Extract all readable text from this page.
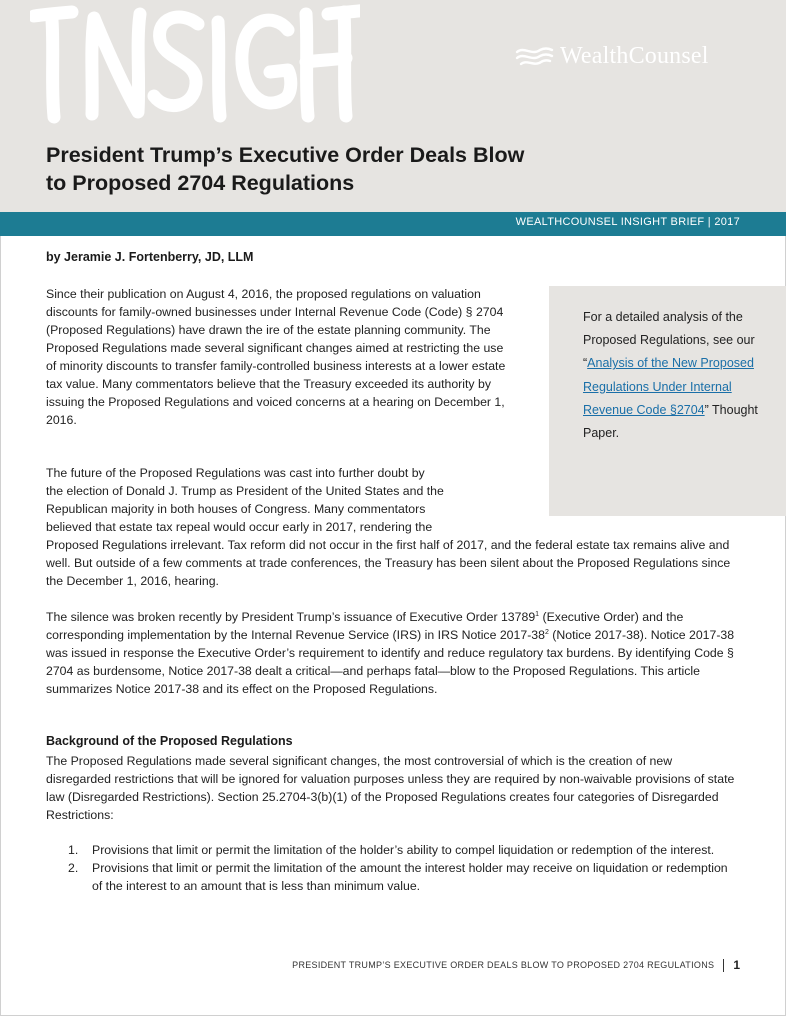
WealthCounsel
President Trump’s Executive Order Deals Blow
to Proposed 2704 Regulations
WEALTHCOUNSEL INSIGHT BRIEF | 2017
by Jeramie J. Fortenberry, JD, LLM
For a detailed analysis of the Proposed Regulations, see our “Analysis of the New Proposed Regulations Under Internal Revenue Code §2704” Thought Paper.

Since their publication on August 4, 2016, the proposed regulations on valuation discounts for family-owned businesses under Internal Revenue Code (Code) § 2704 (Proposed Regulations) have drawn the ire of the estate planning community. The Proposed Regulations made several significant changes aimed at restricting the use of minority discounts to transfer family-controlled business interests at a lower estate tax value. Many commentators believe that the Treasury exceeded its authority by issuing the Proposed Regulations and voiced concerns at a hearing on December 1, 2016.

The future of the Proposed Regulations was cast into further doubt by
the election of Donald J. Trump as President of the United States and the
Republican majority in both houses of Congress. Many commentators
believed that estate tax repeal would occur early in 2017, rendering the
Proposed Regulations irrelevant. Tax reform did not occur in the first half of 2017, and the federal estate tax remains alive and well. But outside of a few comments at trade conferences, the Treasury has been silent about the Proposed Regulations since the December 1, 2016, hearing.

The silence was broken recently by President Trump’s issuance of Executive Order 13789$^1$ (Executive Order) and the corresponding implementation by the Internal Revenue Service (IRS) in IRS Notice $2017-38^2$ (Notice 2017-38). Notice 2017-38 was issued in response the Executive Order’s requirement to identify and reduce regulatory tax burdens. By identifying Code § 2704 as burdensome, Notice 2017-38 dealt a critical—and perhaps fatal—blow to the Proposed Regulations. This article summarizes Notice 2017-38 and its effect on the Proposed Regulations.

Background of the Proposed Regulations

The Proposed Regulations made several significant changes, the most controversial of which is the creation of new disregarded restrictions that will be ignored for valuation purposes unless they are required by non-waivable provisions of state law (Disregarded Restrictions). Section 25.2704-3(b)(1) of the Proposed Regulations creates four categories of Disregarded Restrictions:

1. Provisions that limit or permit the limitation of the holder’s ability to compel liquidation or redemption of the interest.
2. Provisions that limit or permit the limitation of the amount the interest holder may receive on liquidation or redemption of the interest to an amount that is less than minimum value.
PRESIDENT TRUMP’S EXECUTIVE ORDER DEALS BLOW TO PROPOSED 2704 REGULATIONS 1
